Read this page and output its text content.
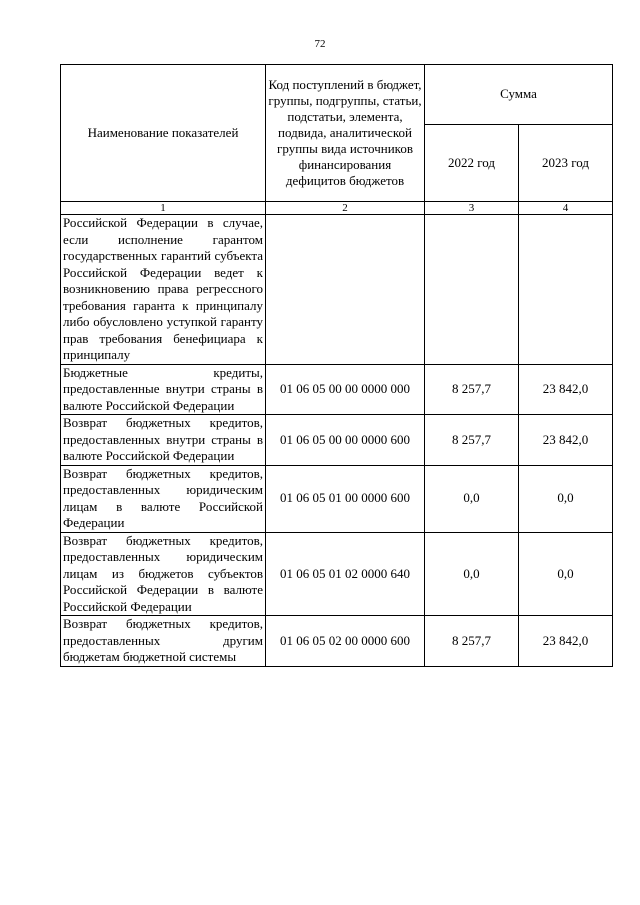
72
Наименование показателей	Код поступлений в бюджет, группы, подгруппы, статьи, подстатьи, элемента, подвида, аналитической группы вида источников финансирования дефицитов бюджетов	Сумма	
		2022 год	2023 год
1	2	3	4
Российской Федерации в случае, если исполнение гарантом государственных гарантий субъекта Российской Федерации ведет к возникновению права регрессного требования гаранта к принципалу либо обусловлено уступкой гаранту прав требования бенефициара к принципалу			
Бюджетные кредиты, предоставленные внутри страны в валюте Российской Федерации	01 06 05 00 00 0000 000	8 257,7	23 842,0
Возврат бюджетных кредитов, предоставленных внутри страны в валюте Российской Федерации	01 06 05 00 00 0000 600	8 257,7	23 842,0
Возврат бюджетных кредитов, предоставленных юридическим лицам в валюте Российской Федерации	01 06 05 01 00 0000 600	0,0	0,0
Возврат бюджетных кредитов, предоставленных юридическим лицам из бюджетов субъектов Российской Федерации в валюте Российской Федерации	01 06 05 01 02 0000 640	0,0	0,0
Возврат бюджетных кредитов, предоставленных другим бюджетам бюджетной системы	01 06 05 02 00 0000 600	8 257,7	23 842,0
